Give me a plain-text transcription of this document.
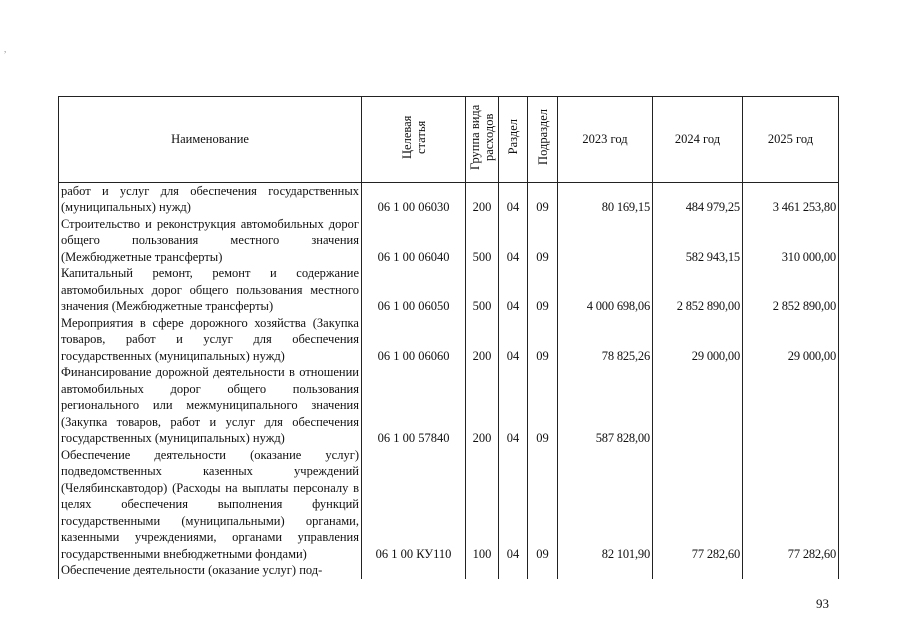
,
Наименование	Целевая статья	Группа вида расходов	Раздел	Подраздел	2023 год	2024 год	2025 год
работ и услуг для обеспечения государственных (муниципальных) нужд)	06 1 00 06030	200	04	09	80 169,15	484 979,25	3 461 253,80
Строительство и реконструкция автомобильных дорог общего пользования местного значения (Межбюджетные трансферты)	06 1 00 06040	500	04	09		582 943,15	310 000,00
Капитальный ремонт, ремонт и содержание автомобильных дорог общего пользования местного значения (Межбюджетные трансферты)	06 1 00 06050	500	04	09	4 000 698,06	2 852 890,00	2 852 890,00
Мероприятия в сфере дорожного хозяйства (Закупка товаров, работ и услуг для обеспечения государственных (муниципальных) нужд)	06 1 00 06060	200	04	09	78 825,26	29 000,00	29 000,00
Финансирование дорожной деятельности в отношении автомобильных дорог общего пользования регионального или межмуниципального значения (Закупка товаров, работ и услуг для обеспечения государственных (муниципальных) нужд)	06 1 00 57840	200	04	09	587 828,00		
Обеспечение деятельности (оказание услуг) подведомственных казенных учреждений (Челябинскавтодор) (Расходы на выплаты персоналу в целях обеспечения выполнения функций государственными (муниципальными) органами, казенными учреждениями, органами управления государственными внебюджетными фондами)	06 1 00 КУ110	100	04	09	82 101,90	77 282,60	77 282,60
Обеспечение деятельности (оказание услуг) под-							
93
